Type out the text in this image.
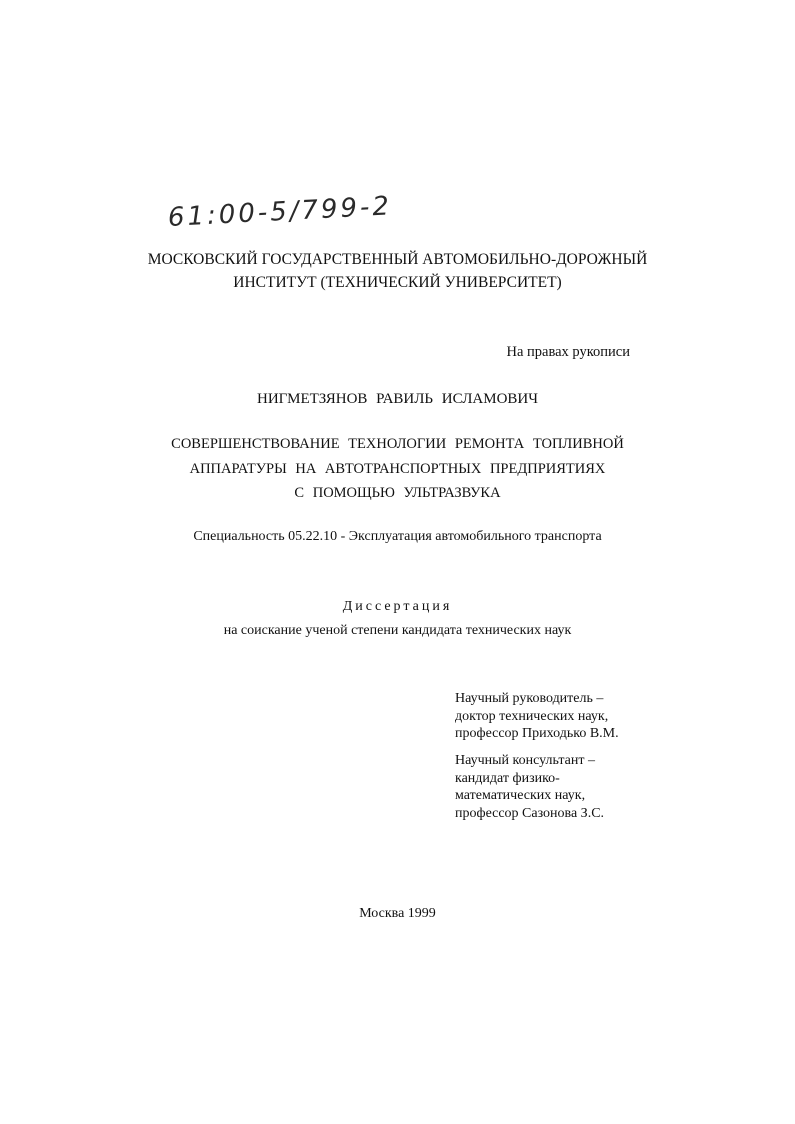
61:00-5/799-2
МОСКОВСКИЙ ГОСУДАРСТВЕННЫЙ АВТОМОБИЛЬНО-ДОРОЖНЫЙ
ИНСТИТУТ (ТЕХНИЧЕСКИЙ УНИВЕРСИТЕТ)
На правах рукописи
НИГМЕТЗЯНОВ РАВИЛЬ ИСЛАМОВИЧ
СОВЕРШЕНСТВОВАНИЕ ТЕХНОЛОГИИ РЕМОНТА ТОПЛИВНОЙ
АППАРАТУРЫ НА АВТОТРАНСПОРТНЫХ ПРЕДПРИЯТИЯХ
С ПОМОЩЬЮ УЛЬТРАЗВУКА
Специальность 05.22.10 - Эксплуатация автомобильного транспорта
Диссертация
на соискание ученой степени кандидата технических наук
Научный руководитель –
доктор технических наук,
профессор Приходько В.М.
Научный консультант –
кандидат физико-
математических наук,
профессор Сазонова З.С.
Москва 1999
